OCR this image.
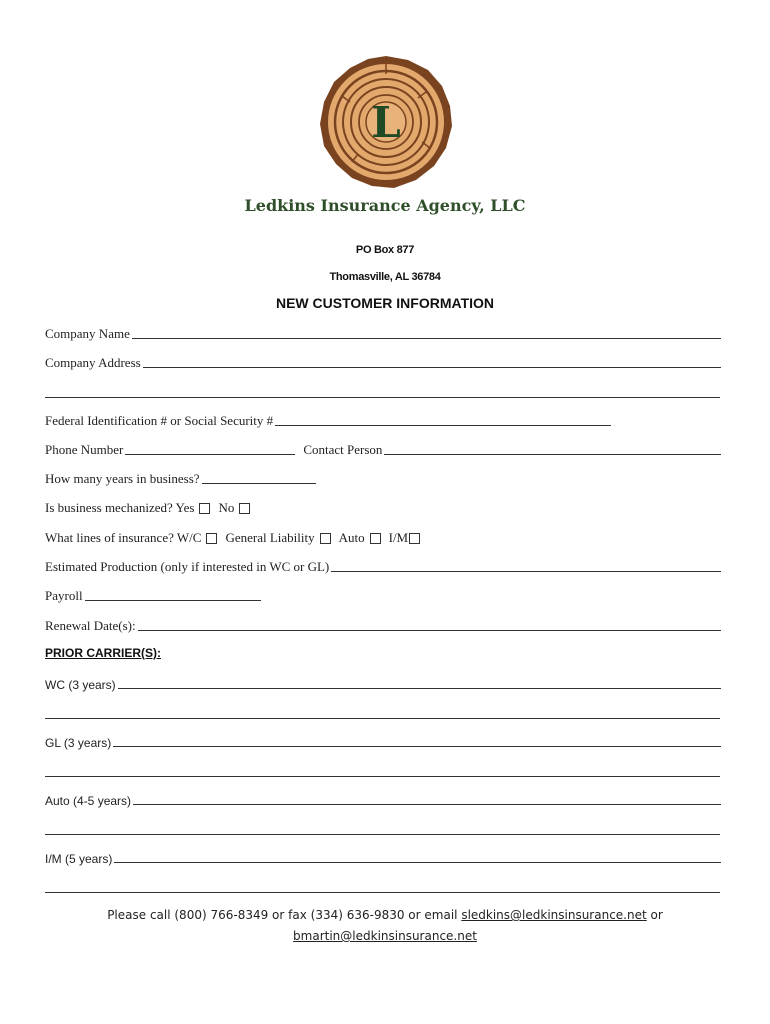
L
Ledkins Insurance Agency, LLC
PO Box 877
Thomasville, AL 36784
NEW CUSTOMER INFORMATION
Company Name
Company Address
Federal Identification # or Social Security #
Phone Number	Contact Person
How many years in business?
Is business mechanized? Yes No
What lines of insurance? W/C General Liability Auto I/M
Estimated Production (only if interested in WC or GL)
Payroll
Renewal Date(s):
PRIOR CARRIER(S):
WC (3 years)
GL (3 years)
Auto (4-5 years)
I/M (5 years)
Please call (800) 766-8349 or fax (334) 636-9830 or email sledkins@ledkinsinsurance.net or
bmartin@ledkinsinsurance.net
